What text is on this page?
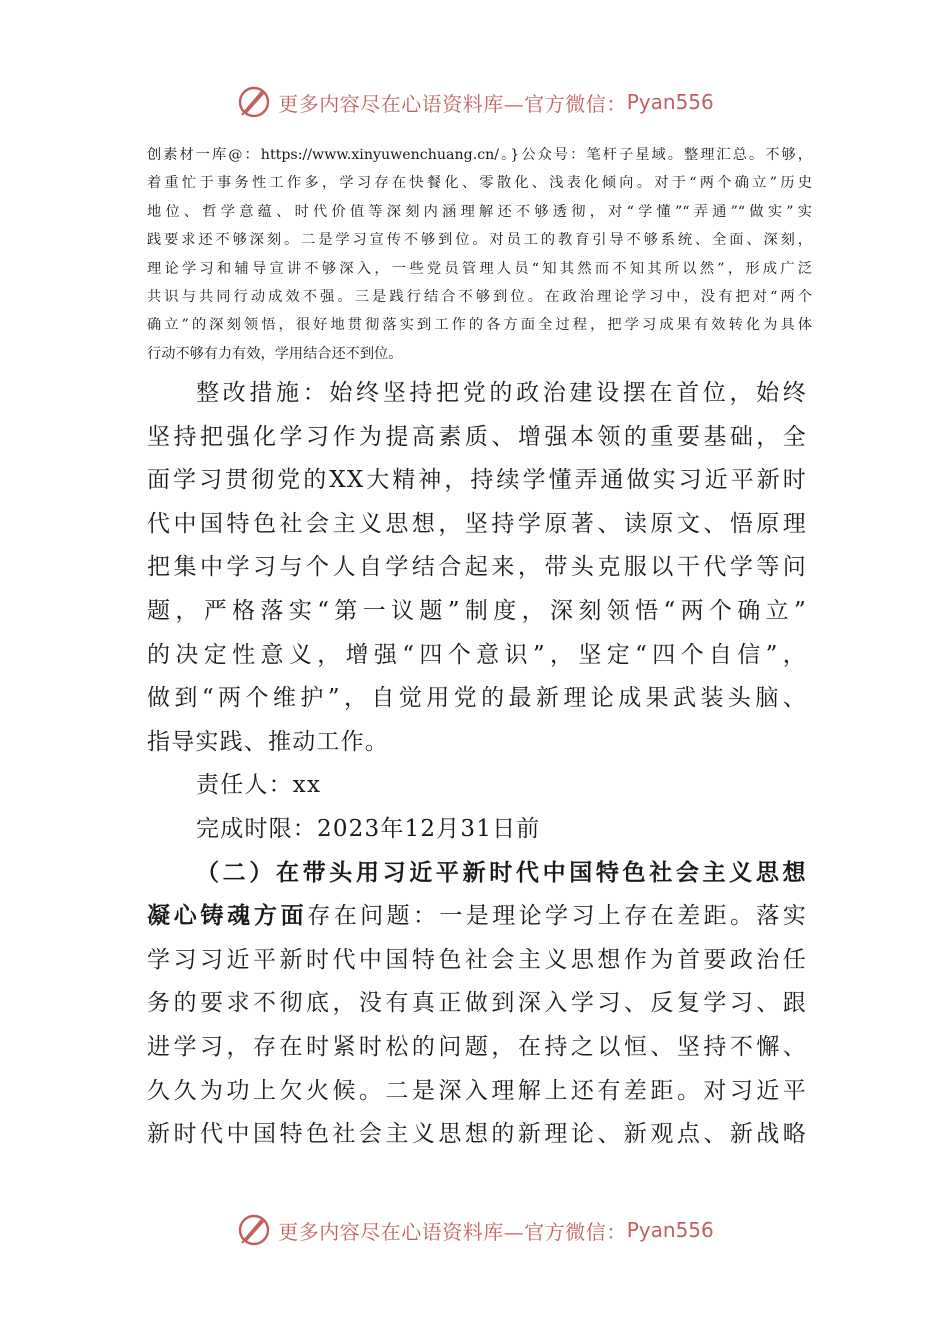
更多内容尽在心语资料库—官方微信： Pyan556

创素材一库@：https://www.xinyuwenchuang.cn/。}公众号：笔杆子星域。整理汇总。不够，

着重忙于事务性工作多，学习存在快餐化、零散化、浅表化倾向。对于“两个确立”历史

地位、哲学意蕴、时代价值等深刻内涵理解还不够透彻，对“学懂”“弄通”“做实”实

践要求还不够深刻。二是学习宣传不够到位。对员工的教育引导不够系统、全面、深刻，

理论学习和辅导宣讲不够深入，一些党员管理人员“知其然而不知其所以然”，形成广泛

共识与共同行动成效不强。三是践行结合不够到位。在政治理论学习中，没有把对“两个

确立”的深刻领悟，很好地贯彻落实到工作的各方面全过程，把学习成果有效转化为具体

行动不够有力有效，学用结合还不到位。

整改措施：始终坚持把党的政治建设摆在首位，始终

坚持把强化学习作为提高素质、增强本领的重要基础，全

面学习贯彻党的XX大精神，持续学懂弄通做实习近平新时

代中国特色社会主义思想，坚持学原著、读原文、悟原理

把集中学习与个人自学结合起来，带头克服以干代学等问

题，严格落实“第一议题”制度，深刻领悟“两个确立”

的决定性意义，增强“四个意识”，坚定“四个自信”，

做到“两个维护”，自觉用党的最新理论成果武装头脑、

指导实践、推动工作。

责任人：xx

完成时限：2023年12月31日前

（二）在带头用习近平新时代中国特色社会主义思想

凝心铸魂方面存在问题：一是理论学习上存在差距。落实

学习习近平新时代中国特色社会主义思想作为首要政治任

务的要求不彻底，没有真正做到深入学习、反复学习、跟

进学习，存在时紧时松的问题，在持之以恒、坚持不懈、

久久为功上欠火候。二是深入理解上还有差距。对习近平

新时代中国特色社会主义思想的新理论、新观点、新战略

更多内容尽在心语资料库—官方微信： Pyan556
